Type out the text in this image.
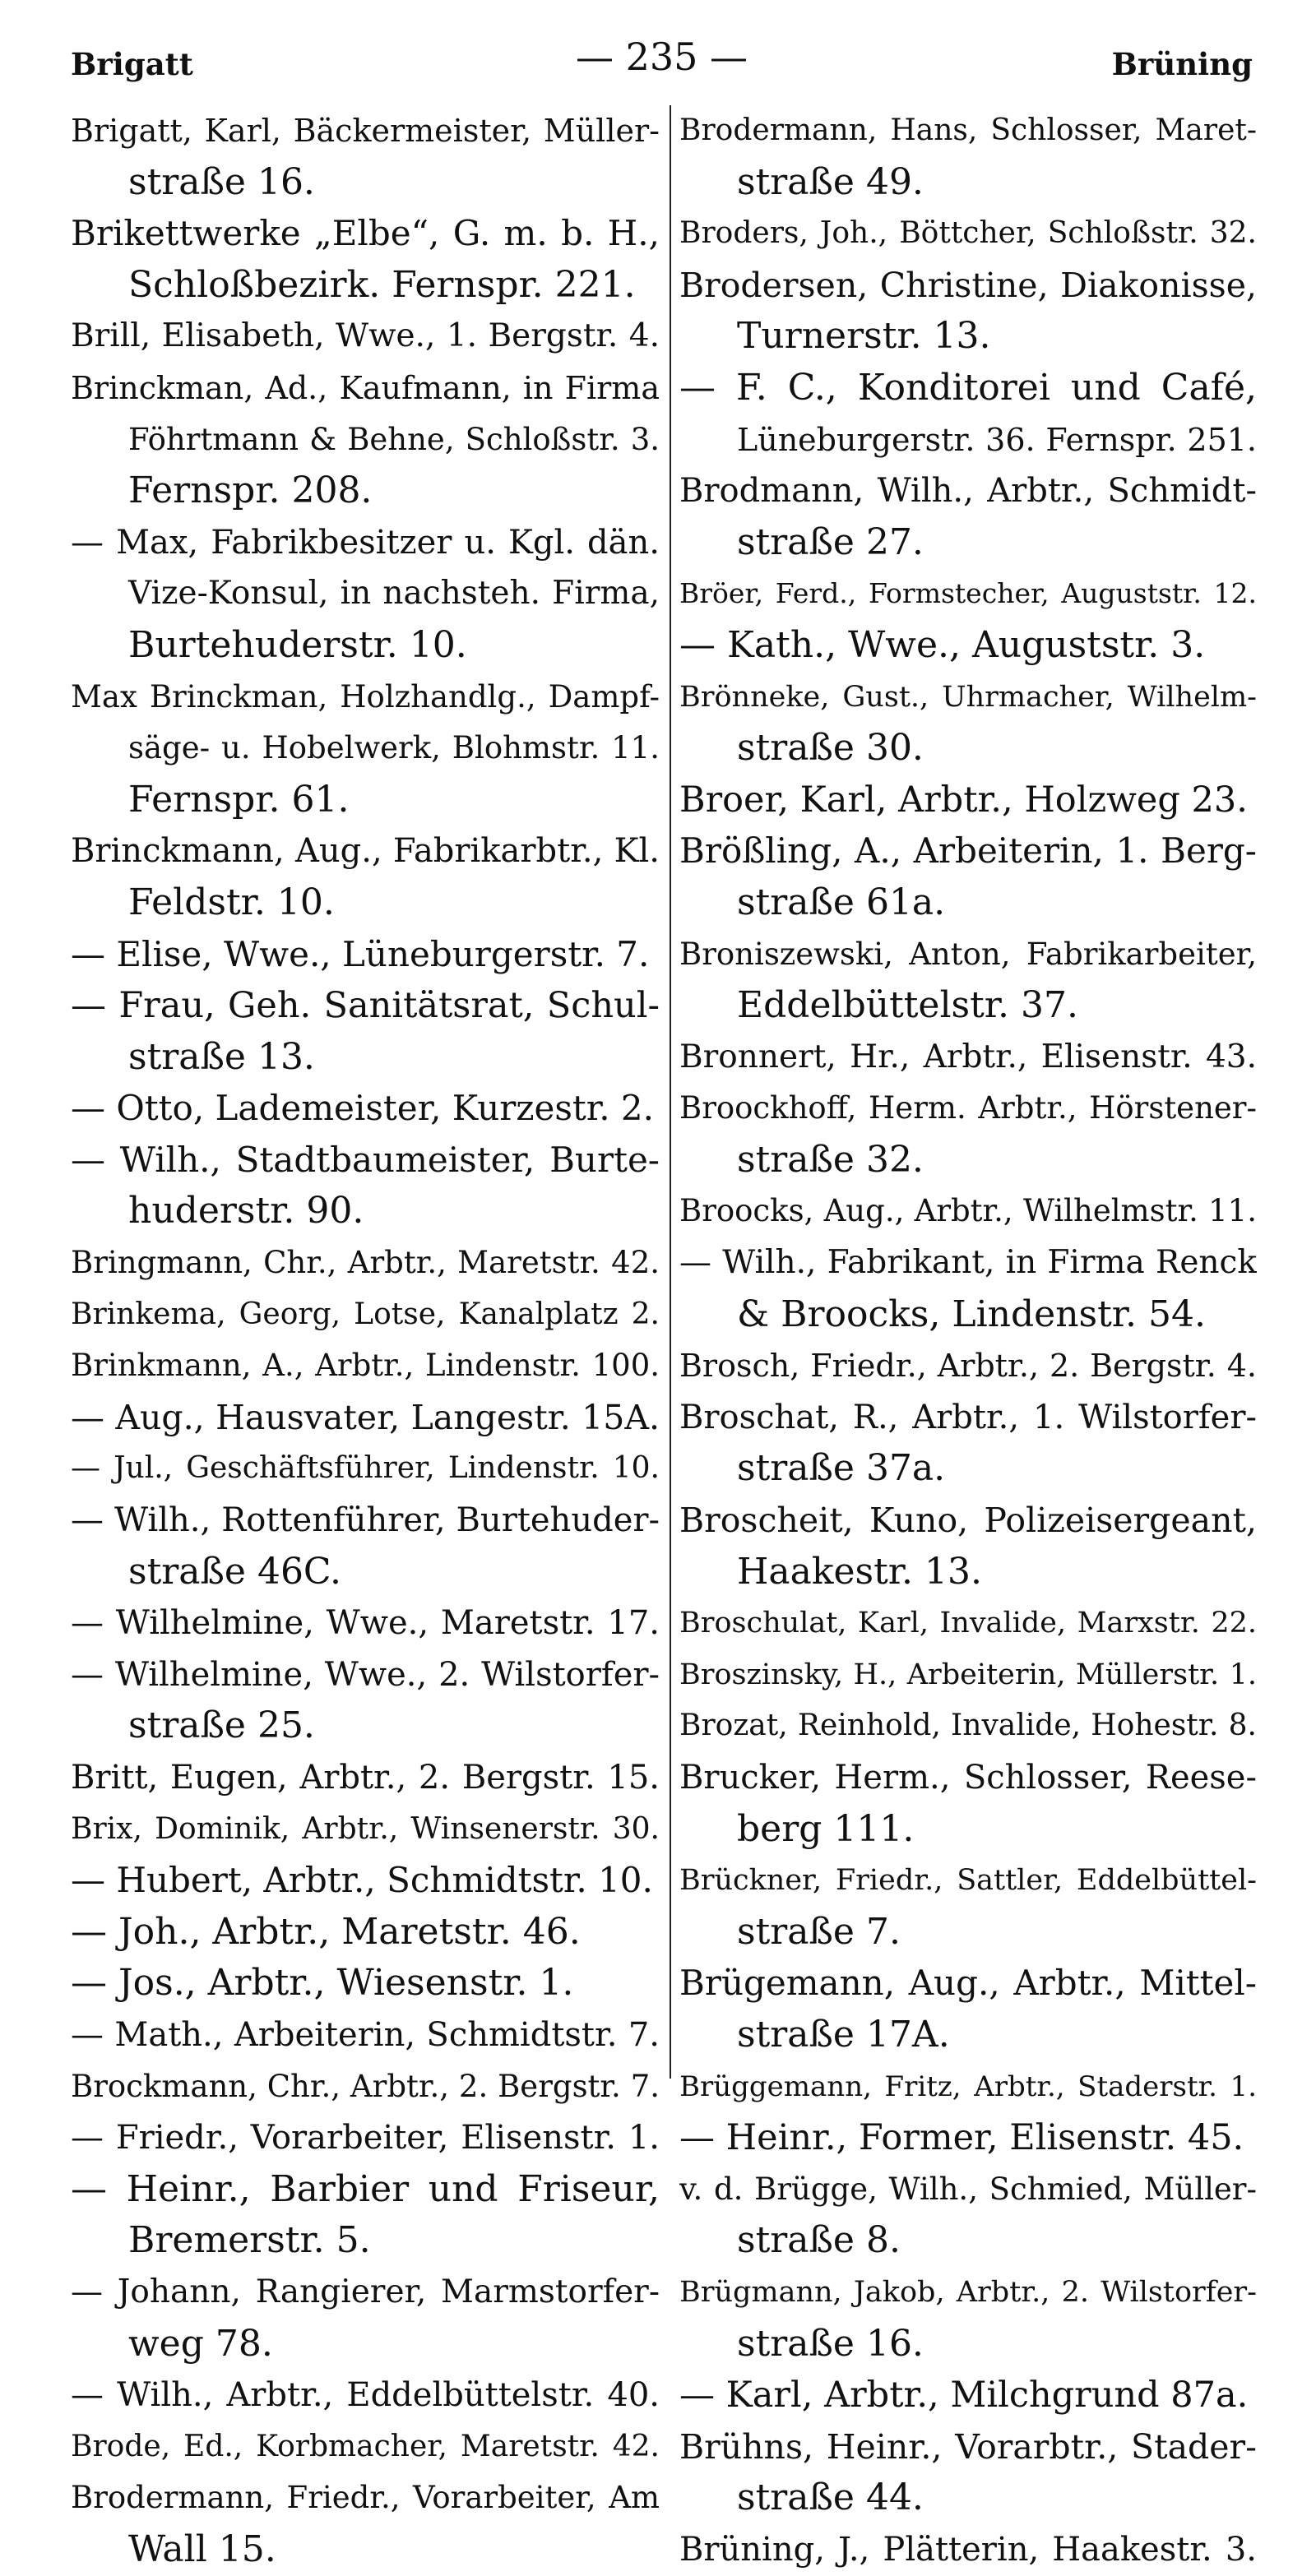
Brigatt	— 235 —	Brüning
Brigatt, Karl, Bäckermeister, Müller-
straße 16.
Brikettwerke „Elbe“, G. m. b. H.,
Schloßbezirk. Fernspr. 221.
Brill, Elisabeth, Wwe., 1. Bergstr. 4.
Brinckman, Ad., Kaufmann, in Firma
Föhrtmann & Behne, Schloßstr. 3.
Fernspr. 208.
— Max, Fabrikbesitzer u. Kgl. dän.
Vize-Konsul, in nachsteh. Firma,
Burtehuderstr. 10.
Max Brinckman, Holzhandlg., Dampf-
säge- u. Hobelwerk, Blohmstr. 11.
Fernspr. 61.
Brinckmann, Aug., Fabrikarbtr., Kl.
Feldstr. 10.
— Elise, Wwe., Lüneburgerstr. 7.
— Frau, Geh. Sanitätsrat, Schul-
straße 13.
— Otto, Lademeister, Kurzestr. 2.
— Wilh., Stadtbaumeister, Burte-
huderstr. 90.
Bringmann, Chr., Arbtr., Maretstr. 42.
Brinkema, Georg, Lotse, Kanalplatz 2.
Brinkmann, A., Arbtr., Lindenstr. 100.
— Aug., Hausvater, Langestr. 15A.
— Jul., Geschäftsführer, Lindenstr. 10.
— Wilh., Rottenführer, Burtehuder-
straße 46C.
— Wilhelmine, Wwe., Maretstr. 17.
— Wilhelmine, Wwe., 2. Wilstorfer-
straße 25.
Britt, Eugen, Arbtr., 2. Bergstr. 15.
Brix, Dominik, Arbtr., Winsenerstr. 30.
— Hubert, Arbtr., Schmidtstr. 10.
— Joh., Arbtr., Maretstr. 46.
— Jos., Arbtr., Wiesenstr. 1.
— Math., Arbeiterin, Schmidtstr. 7.
Brockmann, Chr., Arbtr., 2. Bergstr. 7.
— Friedr., Vorarbeiter, Elisenstr. 1.
— Heinr., Barbier und Friseur,
Bremerstr. 5.
— Johann, Rangierer, Marmstorfer-
weg 78.
— Wilh., Arbtr., Eddelbüttelstr. 40.
Brode, Ed., Korbmacher, Maretstr. 42.
Brodermann, Friedr., Vorarbeiter, Am
Wall 15.
Brodermann, Hans, Schlosser, Maret-
straße 49.
Broders, Joh., Böttcher, Schloßstr. 32.
Brodersen, Christine, Diakonisse,
Turnerstr. 13.
— F. C., Konditorei und Café,
Lüneburgerstr. 36. Fernspr. 251.
Brodmann, Wilh., Arbtr., Schmidt-
straße 27.
Bröer, Ferd., Formstecher, Auguststr. 12.
— Kath., Wwe., Auguststr. 3.
Brönneke, Gust., Uhrmacher, Wilhelm-
straße 30.
Broer, Karl, Arbtr., Holzweg 23.
Brößling, A., Arbeiterin, 1. Berg-
straße 61a.
Broniszewski, Anton, Fabrikarbeiter,
Eddelbüttelstr. 37.
Bronnert, Hr., Arbtr., Elisenstr. 43.
Broockhoff, Herm. Arbtr., Hörstener-
straße 32.
Broocks, Aug., Arbtr., Wilhelmstr. 11.
— Wilh., Fabrikant, in Firma Renck
& Broocks, Lindenstr. 54.
Brosch, Friedr., Arbtr., 2. Bergstr. 4.
Broschat, R., Arbtr., 1. Wilstorfer-
straße 37a.
Broscheit, Kuno, Polizeisergeant,
Haakestr. 13.
Broschulat, Karl, Invalide, Marxstr. 22.
Broszinsky, H., Arbeiterin, Müllerstr. 1.
Brozat, Reinhold, Invalide, Hohestr. 8.
Brucker, Herm., Schlosser, Reese-
berg 111.
Brückner, Friedr., Sattler, Eddelbüttel-
straße 7.
Brügemann, Aug., Arbtr., Mittel-
straße 17A.
Brüggemann, Fritz, Arbtr., Staderstr. 1.
— Heinr., Former, Elisenstr. 45.
v. d. Brügge, Wilh., Schmied, Müller-
straße 8.
Brügmann, Jakob, Arbtr., 2. Wilstorfer-
straße 16.
— Karl, Arbtr., Milchgrund 87a.
Brühns, Heinr., Vorarbtr., Stader-
straße 44.
Brüning, J., Plätterin, Haakestr. 3.
